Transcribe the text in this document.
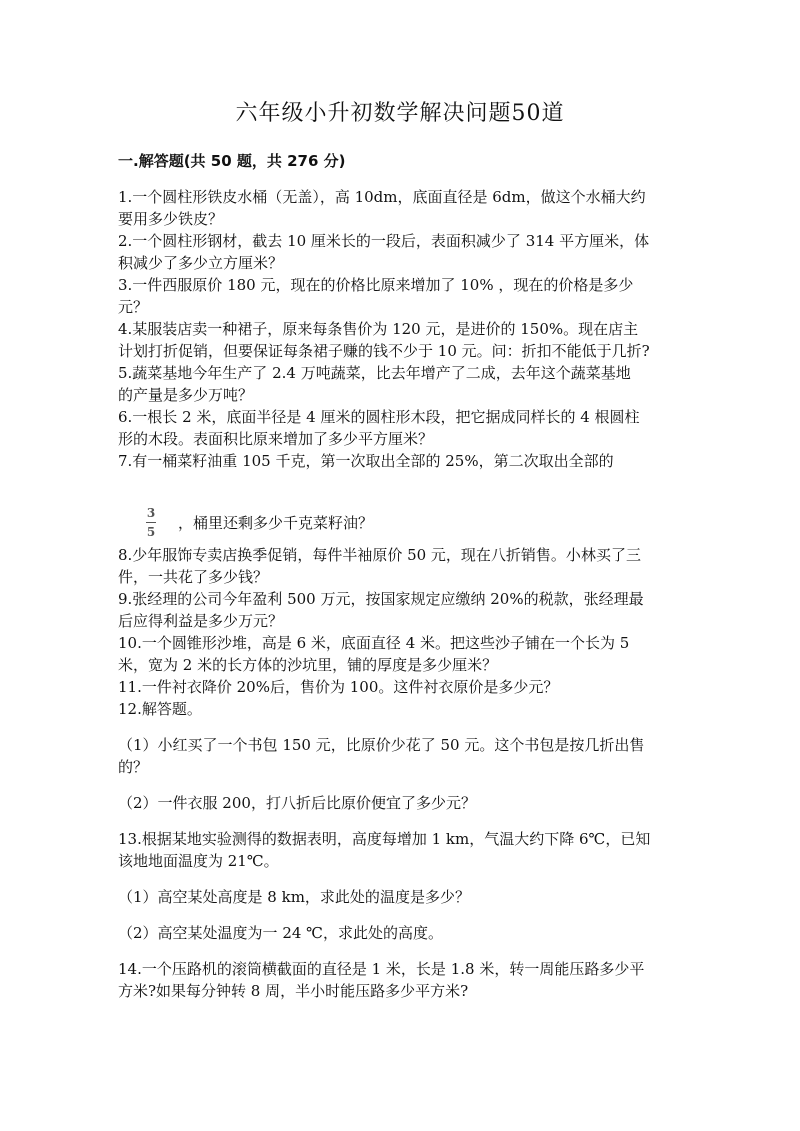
六年级小升初数学解决问题50道
一.解答题(共 50 题，共 276 分)
1.一个圆柱形铁皮水桶（无盖），高 10dm，底面直径是 6dm，做这个水桶大约
要用多少铁皮？
2.一个圆柱形钢材，截去 10 厘米长的一段后，表面积减少了 314 平方厘米，体
积减少了多少立方厘米？
3.一件西服原价 180 元，现在的价格比原来增加了 10% ，现在的价格是多少
元？
4.某服装店卖一种裙子，原来每条售价为 120 元，是进价的 150%。现在店主
计划打折促销，但要保证每条裙子赚的钱不少于 10 元。问：折扣不能低于几折?
5.蔬菜基地今年生产了 2.4 万吨蔬菜，比去年增产了二成，去年这个蔬菜基地
的产量是多少万吨？
6.一根长 2 米，底面半径是 4 厘米的圆柱形木段，把它据成同样长的 4 根圆柱
形的木段。表面积比原来增加了多少平方厘米？
7.有一桶菜籽油重 105 千克，第一次取出全部的 25%，第二次取出全部的
$\frac{3}{5}$ ，桶里还剩多少千克菜籽油？
8.少年服饰专卖店换季促销，每件半袖原价 50 元，现在八折销售。小林买了三
件，一共花了多少钱？
9.张经理的公司今年盈利 500 万元，按国家规定应缴纳 20%的税款，张经理最
后应得利益是多少万元？
10.一个圆锥形沙堆，高是 6 米，底面直径 4 米。把这些沙子铺在一个长为 5
米，宽为 2 米的长方体的沙坑里，铺的厚度是多少厘米？
11.一件衬衣降价 20%后，售价为 100。这件衬衣原价是多少元？
12.解答题。
（1）小红买了一个书包 150 元，比原价少花了 50 元。这个书包是按几折出售
的？
（2）一件衣服 200，打八折后比原价便宜了多少元？
13.根据某地实验测得的数据表明，高度每增加 1 km，气温大约下降 6℃，已知
该地地面温度为 21℃。
（1）高空某处高度是 8 km，求此处的温度是多少？
（2）高空某处温度为一 24 ℃，求此处的高度。
14.一个压路机的滚筒横截面的直径是 1 米，长是 1.8 米，转一周能压路多少平
方米?如果每分钟转 8 周，半小时能压路多少平方米?
